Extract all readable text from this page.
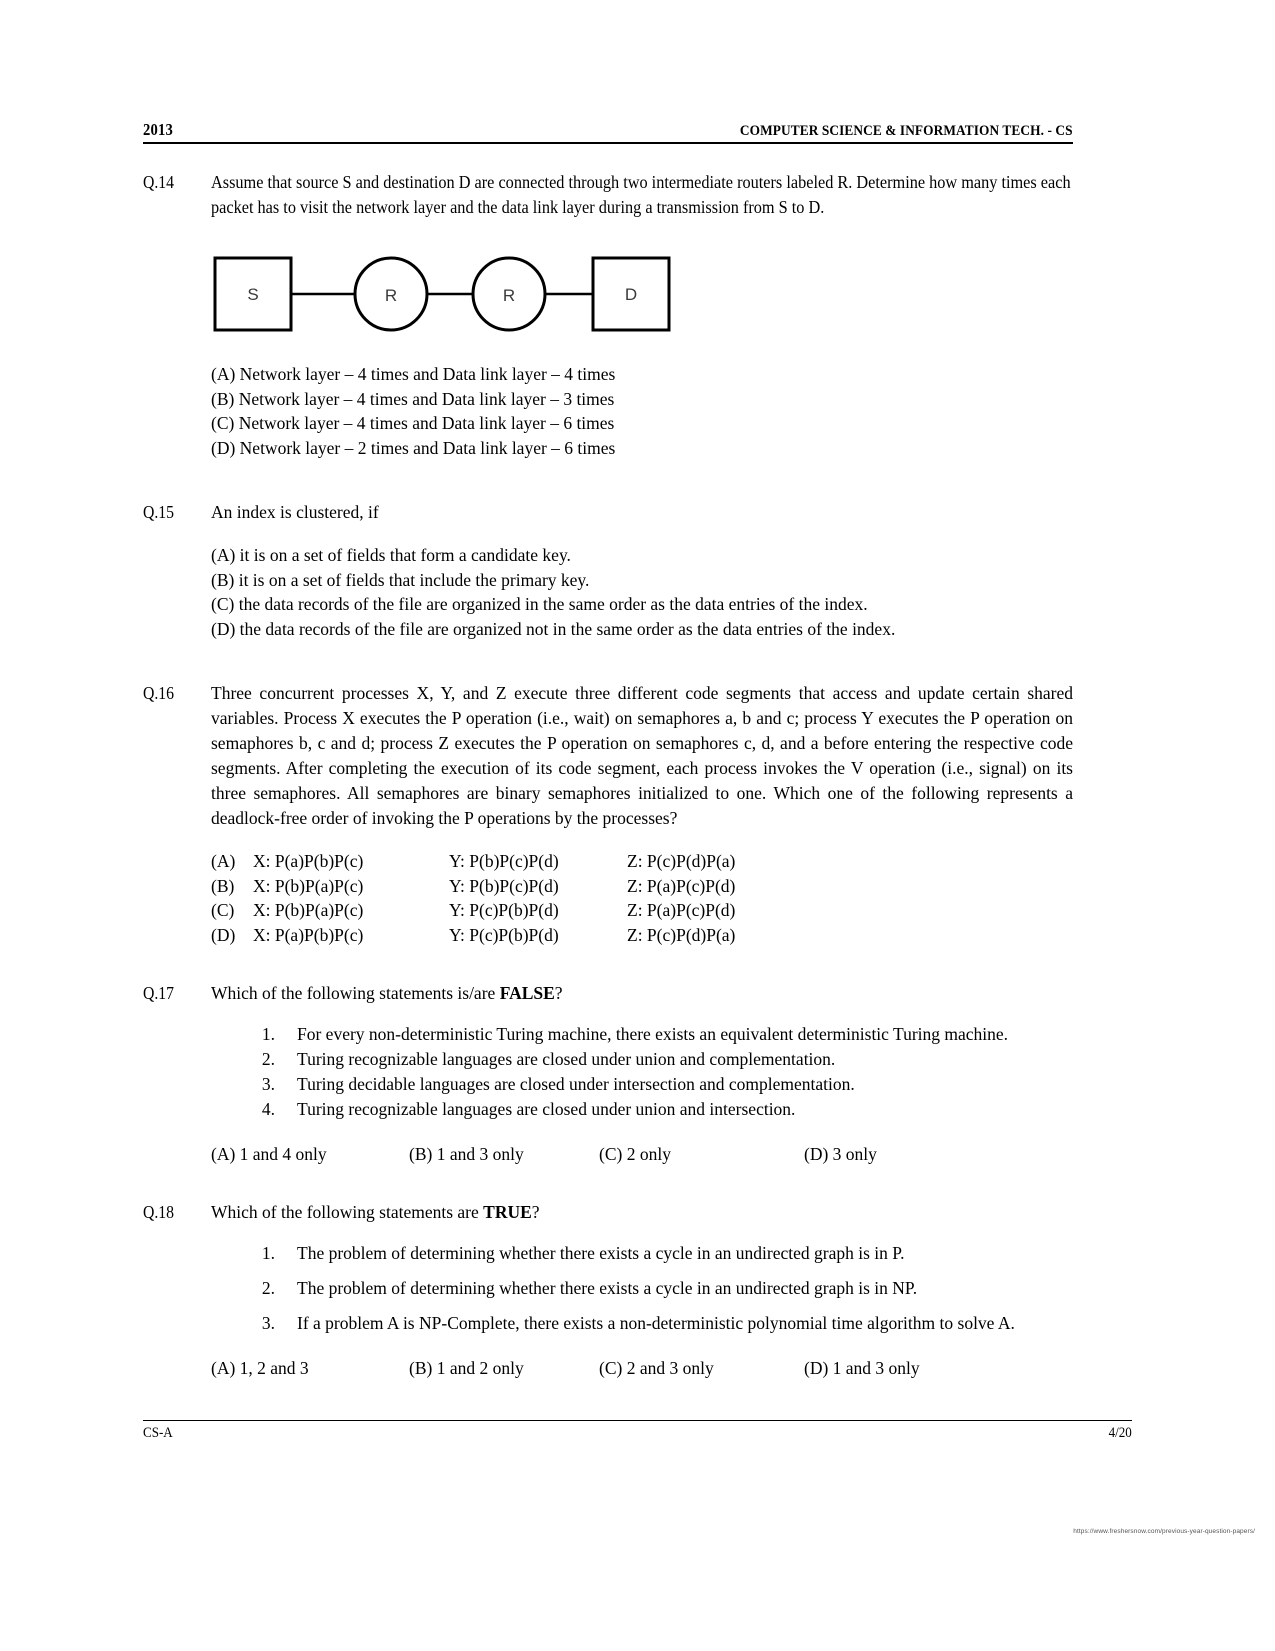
2013	COMPUTER SCIENCE & INFORMATION TECH. - CS
Q.14	Assume that source S and destination D are connected through two intermediate routers labeled R. Determine how many times each packet has to visit the network layer and the data link layer during a transmission from S to D.
S	R	R	D
(A) Network layer – 4 times and Data link layer – 4 times
(B) Network layer – 4 times and Data link layer – 3 times
(C) Network layer – 4 times and Data link layer – 6 times
(D) Network layer – 2 times and Data link layer – 6 times
Q.15	An index is clustered, if
(A) it is on a set of fields that form a candidate key.
(B) it is on a set of fields that include the primary key.
(C) the data records of the file are organized in the same order as the data entries of the index.
(D) the data records of the file are organized not in the same order as the data entries of the index.
Q.16	Three concurrent processes X, Y, and Z execute three different code segments that access and update certain shared variables. Process X executes the P operation (i.e., wait) on semaphores a, b and c; process Y executes the P operation on semaphores b, c and d; process Z executes the P operation on semaphores c, d, and a before entering the respective code segments. After completing the execution of its code segment, each process invokes the V operation (i.e., signal) on its three semaphores. All semaphores are binary semaphores initialized to one. Which one of the following represents a deadlock-free order of invoking the P operations by the processes?
(A)	X: P(a)P(b)P(c)	Y: P(b)P(c)P(d)	Z: P(c)P(d)P(a)
(B)	X: P(b)P(a)P(c)	Y: P(b)P(c)P(d)	Z: P(a)P(c)P(d)
(C)	X: P(b)P(a)P(c)	Y: P(c)P(b)P(d)	Z: P(a)P(c)P(d)
(D)	X: P(a)P(b)P(c)	Y: P(c)P(b)P(d)	Z: P(c)P(d)P(a)
Q.17	Which of the following statements is/are FALSE?
1.	For every non-deterministic Turing machine, there exists an equivalent deterministic Turing machine.
2.	Turing recognizable languages are closed under union and complementation.
3.	Turing decidable languages are closed under intersection and complementation.
4.	Turing recognizable languages are closed under union and intersection.
(A) 1 and 4 only	(B) 1 and 3 only	(C) 2 only	(D) 3 only
Q.18	Which of the following statements are TRUE?
1.	The problem of determining whether there exists a cycle in an undirected graph is in P.
2.	The problem of determining whether there exists a cycle in an undirected graph is in NP.
3.	If a problem A is NP-Complete, there exists a non-deterministic polynomial time algorithm to solve A.
(A) 1, 2 and 3	(B) 1 and 2 only	(C) 2 and 3 only	(D) 1 and 3 only
CS-A	4/20
https://www.freshersnow.com/previous-year-question-papers/
